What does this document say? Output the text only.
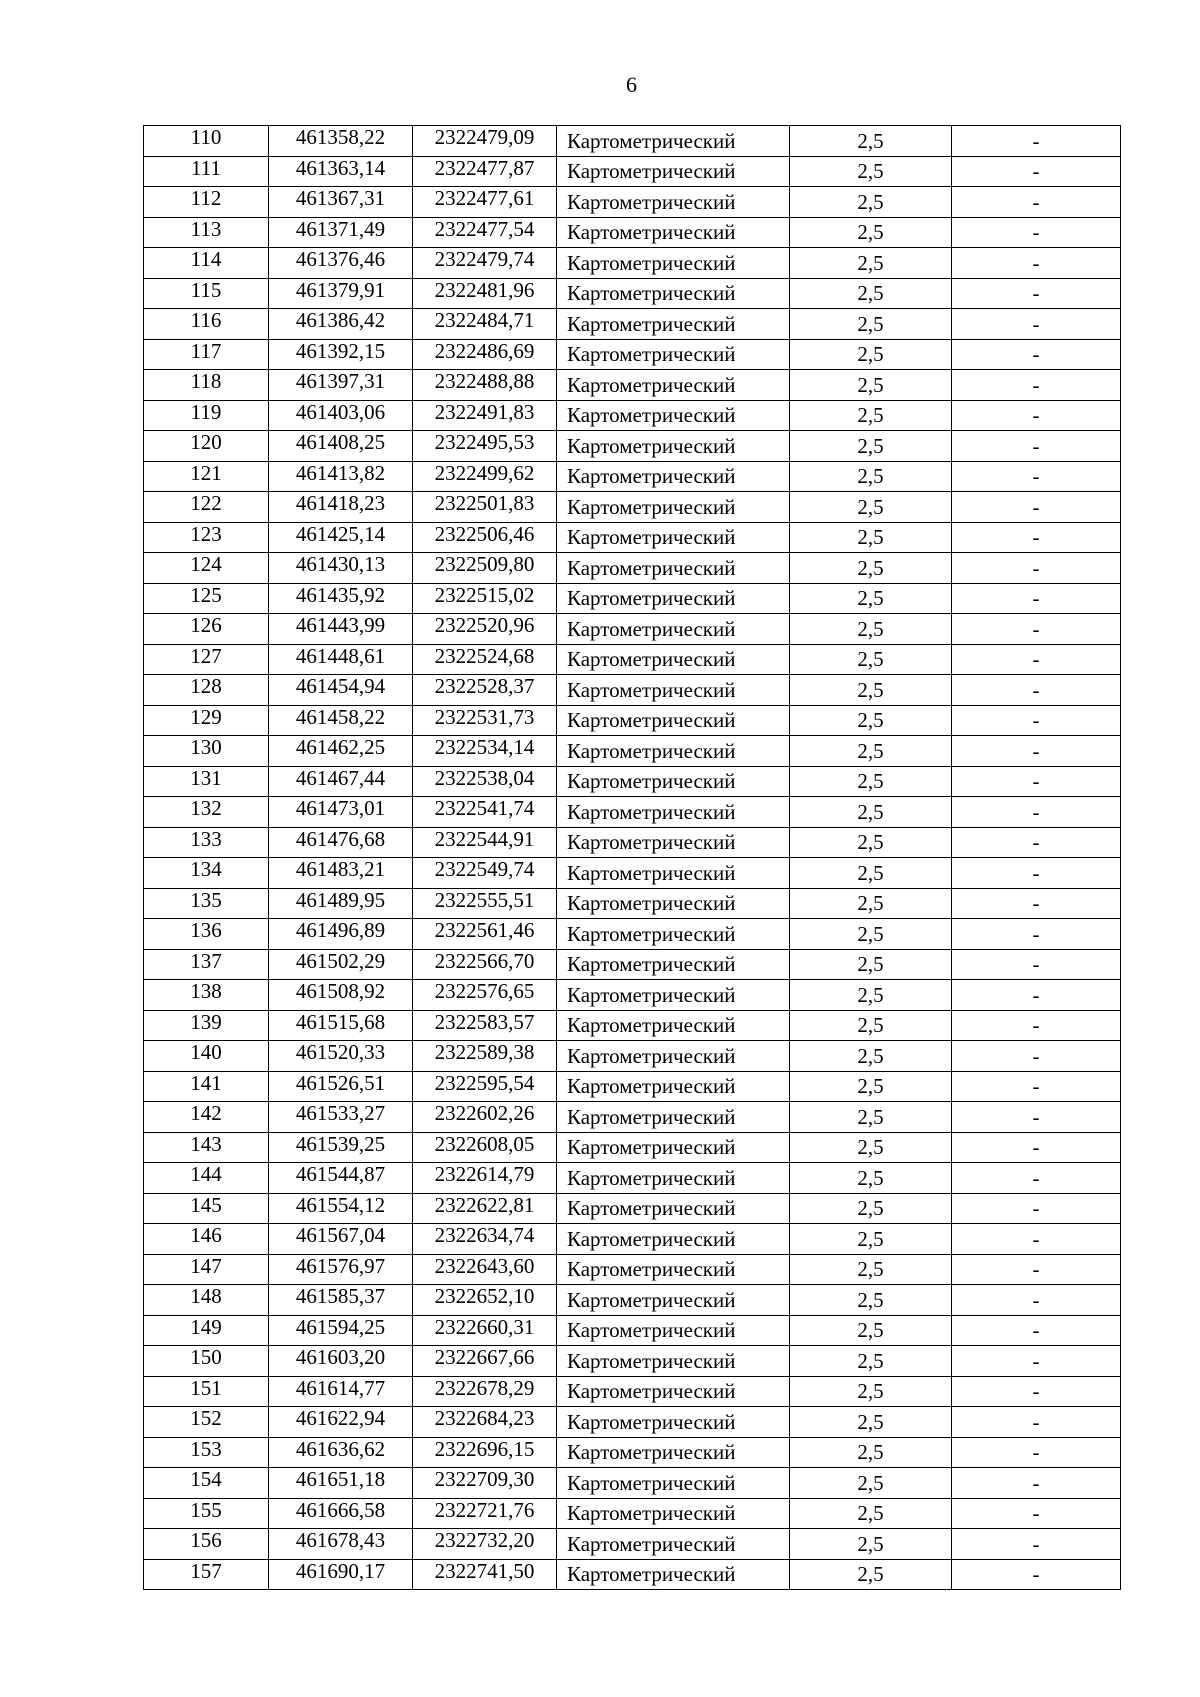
6
110	461358,22	2322479,09	Картометрический	2,5	-
111	461363,14	2322477,87	Картометрический	2,5	-
112	461367,31	2322477,61	Картометрический	2,5	-
113	461371,49	2322477,54	Картометрический	2,5	-
114	461376,46	2322479,74	Картометрический	2,5	-
115	461379,91	2322481,96	Картометрический	2,5	-
116	461386,42	2322484,71	Картометрический	2,5	-
117	461392,15	2322486,69	Картометрический	2,5	-
118	461397,31	2322488,88	Картометрический	2,5	-
119	461403,06	2322491,83	Картометрический	2,5	-
120	461408,25	2322495,53	Картометрический	2,5	-
121	461413,82	2322499,62	Картометрический	2,5	-
122	461418,23	2322501,83	Картометрический	2,5	-
123	461425,14	2322506,46	Картометрический	2,5	-
124	461430,13	2322509,80	Картометрический	2,5	-
125	461435,92	2322515,02	Картометрический	2,5	-
126	461443,99	2322520,96	Картометрический	2,5	-
127	461448,61	2322524,68	Картометрический	2,5	-
128	461454,94	2322528,37	Картометрический	2,5	-
129	461458,22	2322531,73	Картометрический	2,5	-
130	461462,25	2322534,14	Картометрический	2,5	-
131	461467,44	2322538,04	Картометрический	2,5	-
132	461473,01	2322541,74	Картометрический	2,5	-
133	461476,68	2322544,91	Картометрический	2,5	-
134	461483,21	2322549,74	Картометрический	2,5	-
135	461489,95	2322555,51	Картометрический	2,5	-
136	461496,89	2322561,46	Картометрический	2,5	-
137	461502,29	2322566,70	Картометрический	2,5	-
138	461508,92	2322576,65	Картометрический	2,5	-
139	461515,68	2322583,57	Картометрический	2,5	-
140	461520,33	2322589,38	Картометрический	2,5	-
141	461526,51	2322595,54	Картометрический	2,5	-
142	461533,27	2322602,26	Картометрический	2,5	-
143	461539,25	2322608,05	Картометрический	2,5	-
144	461544,87	2322614,79	Картометрический	2,5	-
145	461554,12	2322622,81	Картометрический	2,5	-
146	461567,04	2322634,74	Картометрический	2,5	-
147	461576,97	2322643,60	Картометрический	2,5	-
148	461585,37	2322652,10	Картометрический	2,5	-
149	461594,25	2322660,31	Картометрический	2,5	-
150	461603,20	2322667,66	Картометрический	2,5	-
151	461614,77	2322678,29	Картометрический	2,5	-
152	461622,94	2322684,23	Картометрический	2,5	-
153	461636,62	2322696,15	Картометрический	2,5	-
154	461651,18	2322709,30	Картометрический	2,5	-
155	461666,58	2322721,76	Картометрический	2,5	-
156	461678,43	2322732,20	Картометрический	2,5	-
157	461690,17	2322741,50	Картометрический	2,5	-
